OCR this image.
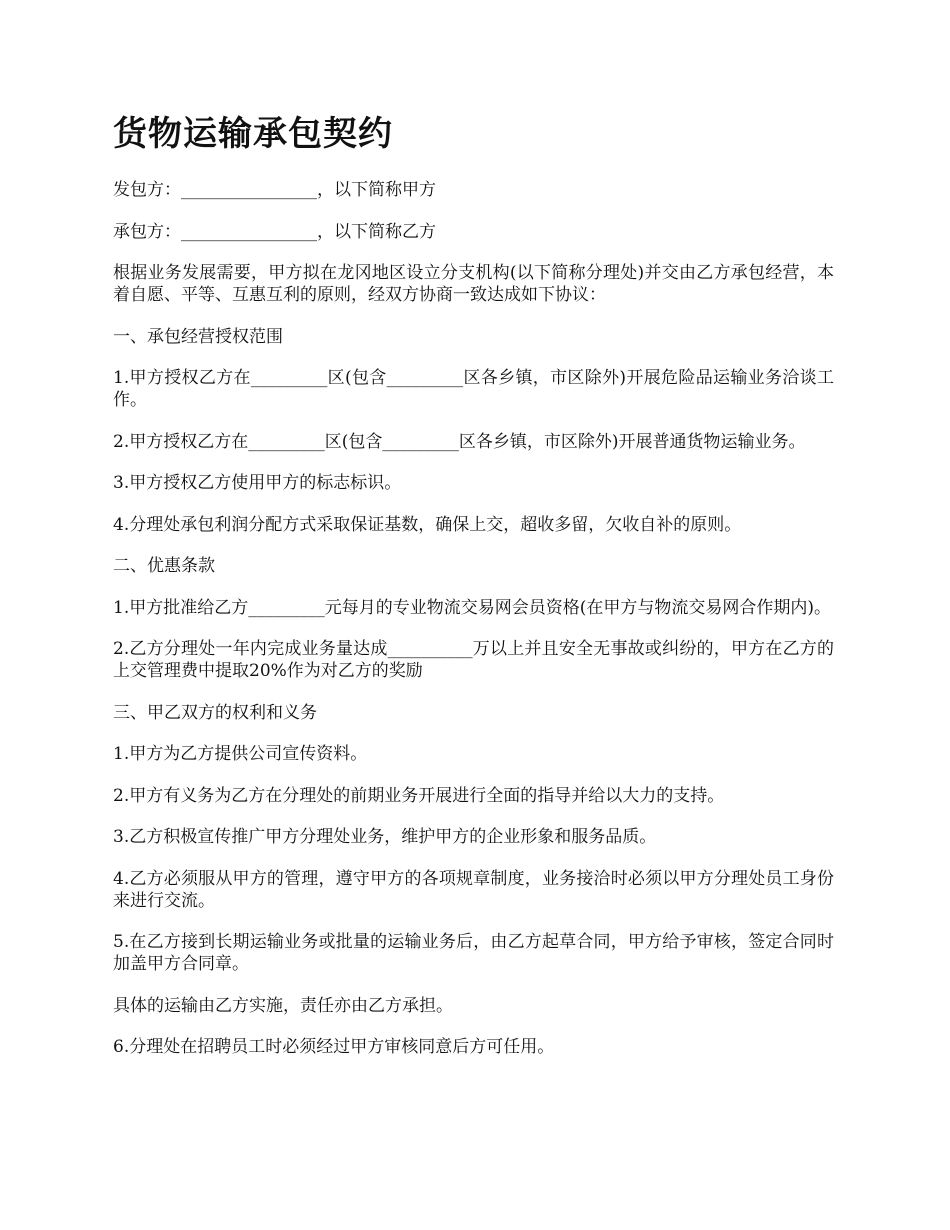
货物运输承包契约

发包方：________________，以下简称甲方

承包方：________________，以下简称乙方

根据业务发展需要，甲方拟在龙冈地区设立分支机构(以下简称分理处)并交由乙方承包经营，本着自愿、平等、互惠互利的原则，经双方协商一致达成如下协议：

一、承包经营授权范围

1.甲方授权乙方在_________区(包含_________区各乡镇，市区除外)开展危险品运输业务洽谈工作。

2.甲方授权乙方在_________区(包含_________区各乡镇，市区除外)开展普通货物运输业务。

3.甲方授权乙方使用甲方的标志标识。

4.分理处承包利润分配方式采取保证基数，确保上交，超收多留，欠收自补的原则。

二、优惠条款

1.甲方批准给乙方_________元每月的专业物流交易网会员资格(在甲方与物流交易网合作期内)。

2.乙方分理处一年内完成业务量达成__________万以上并且安全无事故或纠纷的，甲方在乙方的上交管理费中提取20%作为对乙方的奖励

三、甲乙双方的权利和义务

1.甲方为乙方提供公司宣传资料。

2.甲方有义务为乙方在分理处的前期业务开展进行全面的指导并给以大力的支持。

3.乙方积极宣传推广甲方分理处业务，维护甲方的企业形象和服务品质。

4.乙方必须服从甲方的管理，遵守甲方的各项规章制度，业务接洽时必须以甲方分理处员工身份来进行交流。

5.在乙方接到长期运输业务或批量的运输业务后，由乙方起草合同，甲方给予审核，签定合同时加盖甲方合同章。

具体的运输由乙方实施，责任亦由乙方承担。

6.分理处在招聘员工时必须经过甲方审核同意后方可任用。
